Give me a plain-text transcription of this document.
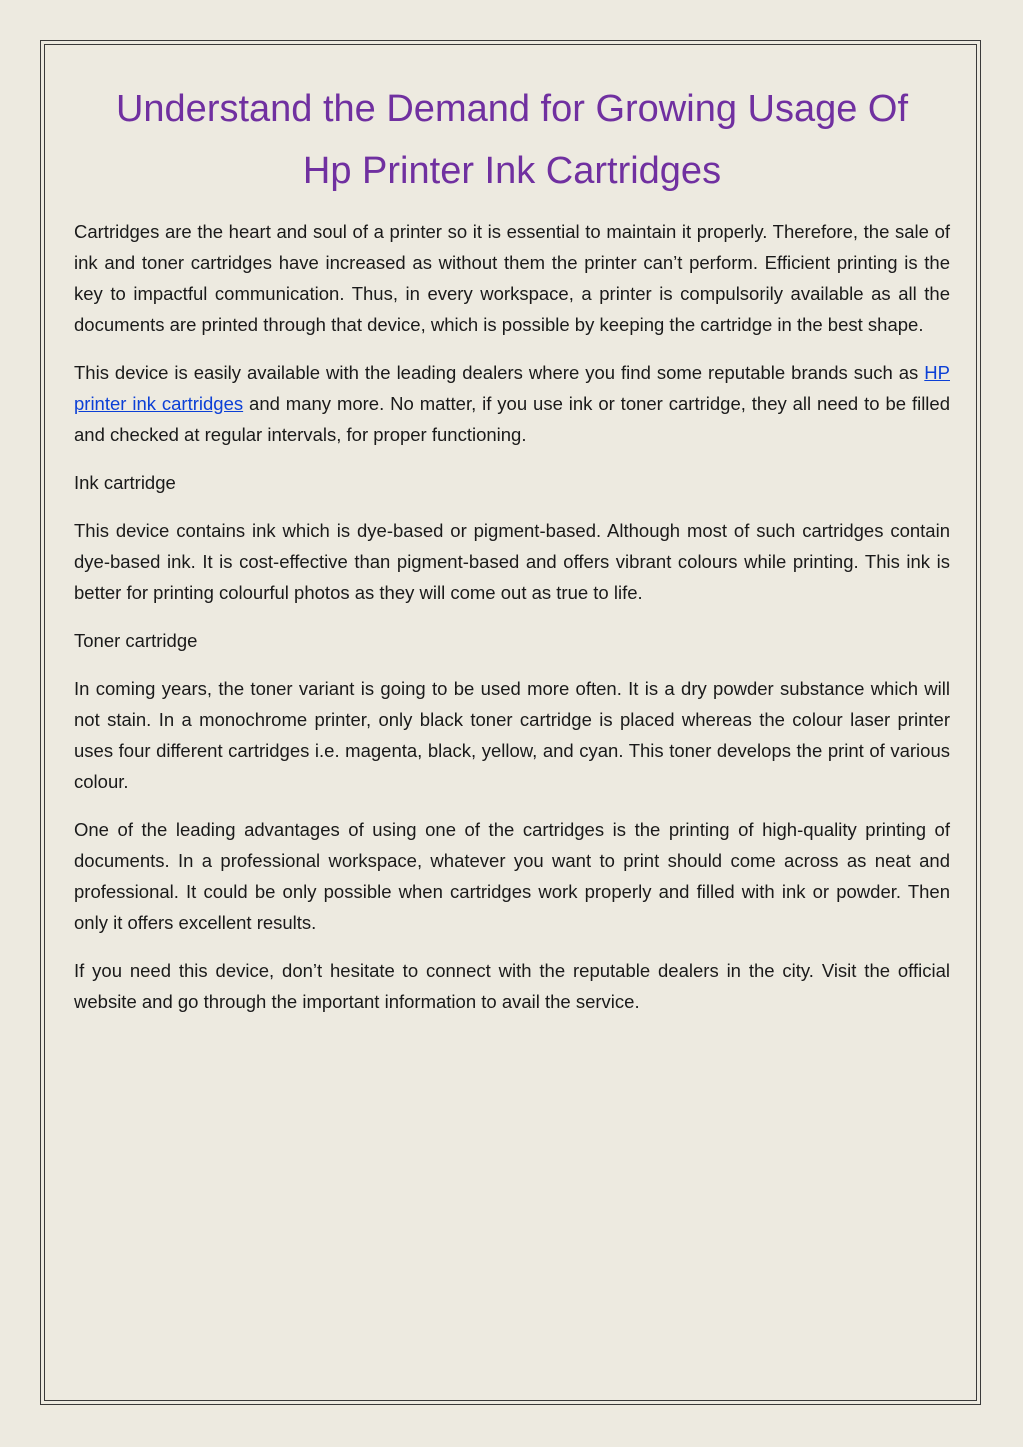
Understand the Demand for Growing Usage Of
Hp Printer Ink Cartridges

Cartridges are the heart and soul of a printer so it is essential to maintain it properly. Therefore, the sale of ink and toner cartridges have increased as without them the printer can’t perform. Efficient printing is the key to impactful communication. Thus, in every workspace, a printer is compulsorily available as all the documents are printed through that device, which is possible by keeping the cartridge in the best shape.

This device is easily available with the leading dealers where you find some reputable brands such as HP printer ink cartridges and many more. No matter, if you use ink or toner cartridge, they all need to be filled and checked at regular intervals, for proper functioning.

Ink cartridge

This device contains ink which is dye-based or pigment-based. Although most of such cartridges contain dye-based ink. It is cost-effective than pigment-based and offers vibrant colours while printing. This ink is better for printing colourful photos as they will come out as true to life.

Toner cartridge

In coming years, the toner variant is going to be used more often. It is a dry powder substance which will not stain. In a monochrome printer, only black toner cartridge is placed whereas the colour laser printer uses four different cartridges i.e. magenta, black, yellow, and cyan. This toner develops the print of various colour.

One of the leading advantages of using one of the cartridges is the printing of high-quality printing of documents. In a professional workspace, whatever you want to print should come across as neat and professional. It could be only possible when cartridges work properly and filled with ink or powder. Then only it offers excellent results.

If you need this device, don’t hesitate to connect with the reputable dealers in the city. Visit the official website and go through the important information to avail the service.
